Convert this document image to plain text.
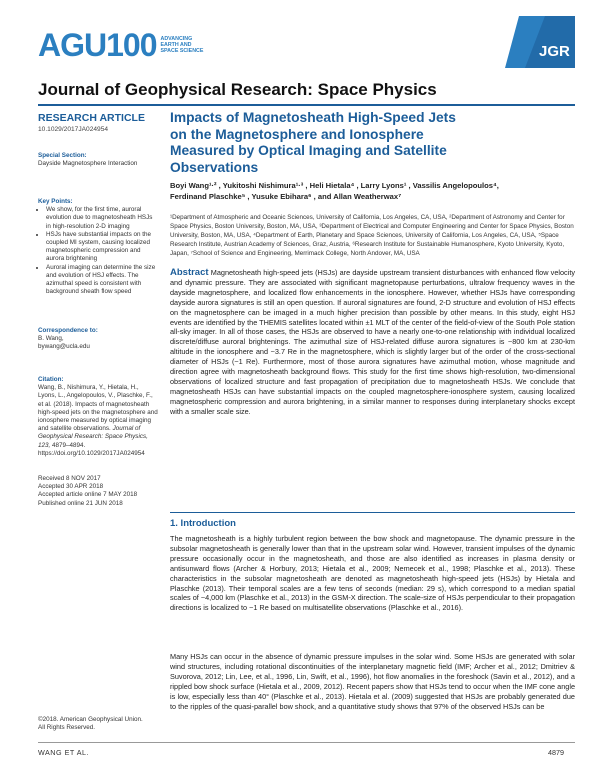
AGU 100 ADVANCING EARTH AND SPACE SCIENCE	JGR
Journal of Geophysical Research: Space Physics
RESEARCH ARTICLE
10.1029/2017JA024954
Special Section:
Dayside Magnetosphere Interaction
Key Points:
• We show, for the first time, auroral evolution due to magnetosheath HSJs in high-resolution 2-D imaging
• HSJs have substantial impacts on the coupled MI system, causing localized magnetospheric compression and aurora brightening
• Auroral imaging can determine the size and evolution of HSJ effects. The azimuthal speed is consistent with background sheath flow speed
Correspondence to:
B. Wang,
bywang@ucla.edu
Citation:
Wang, B., Nishimura, Y., Hietala, H., Lyons, L., Angelopoulos, V., Plaschke, F., et al. (2018). Impacts of magnetosheath high-speed jets on the magnetosphere and ionosphere measured by optical imaging and satellite observations. Journal of Geophysical Research: Space Physics, 123, 4879–4894. https://doi.org/10.1029/2017JA024954
Received 8 NOV 2017
Accepted 30 APR 2018
Accepted article online 7 MAY 2018
Published online 21 JUN 2018
©2018. American Geophysical Union.
All Rights Reserved.
Impacts of Magnetosheath High-Speed Jets on the Magnetosphere and Ionosphere Measured by Optical Imaging and Satellite Observations
Boyi Wang¹·² , Yukitoshi Nishimura¹·³ , Heli Hietala⁴ , Larry Lyons¹ , Vassilis Angelopoulos⁴,
Ferdinand Plaschke⁵ , Yusuke Ebihara⁶ , and Allan Weatherwax⁷
¹Department of Atmospheric and Oceanic Sciences, University of California, Los Angeles, CA, USA, ²Department of Astronomy and Center for Space Physics, Boston University, Boston, MA, USA, ³Department of Electrical and Computer Engineering and Center for Space Physics, Boston University, Boston, MA, USA, ⁴Department of Earth, Planetary and Space Sciences, University of California, Los Angeles, CA, USA, ⁵Space Research Institute, Austrian Academy of Sciences, Graz, Austria, ⁶Research Institute for Sustainable Humanosphere, Kyoto University, Kyoto, Japan, ⁷School of Science and Engineering, Merrimack College, North Andover, MA, USA
Abstract Magnetosheath high-speed jets (HSJs) are dayside upstream transient disturbances with enhanced flow velocity and dynamic pressure. They are associated with significant magnetopause perturbations, ultralow frequency waves in the dayside magnetosphere, and localized flow enhancements in the ionosphere. However, whether HSJs have corresponding dayside aurora signatures is still an open question. If auroral signatures are found, 2-D structure and evolution of HSJ effects on the magnetosphere can be imaged in a much higher precision than possible by other means. In this study, eight HSJ events are identified by the THEMIS satellites located within ±1 MLT of the center of the field-of-view of the South Pole station all-sky imager. In all of those cases, the HSJs are observed to have a nearly one-to-one relationship with individual localized discrete/diffuse auroral brightenings. The azimuthal size of HSJ-related diffuse aurora signatures is ~800 km at 230-km altitude in the ionosphere and ~3.7 Re in the magnetosphere, which is slightly larger but of the order of the cross-sectional diameter of HSJs (~1 Re). Furthermore, most of those aurora signatures have azimuthal motion, whose magnitude and direction agree with magnetosheath background flows. This study for the first time shows high-resolution, two-dimensional observations of localized structure and fast propagation of precipitation due to magnetosheath HSJs. We conclude that magnetosheath HSJs can have substantial impacts on the coupled magnetosphere-ionosphere system, causing localized magnetospheric compression and aurora brightening, in a similar manner to responses during interplanetary shocks except with a smaller scale size.
1. Introduction
The magnetosheath is a highly turbulent region between the bow shock and magnetopause. The dynamic pressure in the subsolar magnetosheath is generally lower than that in the upstream solar wind. However, transient impulses of the dynamic pressure occasionally occur in the magnetosheath, and those are also identified as increases in plasma density or antisunward flows (Archer & Horbury, 2013; Hietala et al., 2009; Nemecek et al., 1998; Plaschke et al., 2013). These characteristics in the subsolar magnetosheath are denoted as magnetosheath high-speed jets (HSJs) by Hietala and Plaschke (2013). Their temporal scales are a few tens of seconds (median: 29 s), which correspond to a median spatial scales of ~4,000 km (Plaschke et al., 2013) in the GSM-X direction. The scale-size of HSJs perpendicular to their propagation directions is localized to ~1 Re based on multisatellite observations (Plaschke et al., 2016).
Many HSJs can occur in the absence of dynamic pressure impulses in the solar wind. Some HSJs are generated with solar wind structures, including rotational discontinuities of the interplanetary magnetic field (IMF; Archer et al., 2012; Dmitriev & Suvorova, 2012; Lin, Lee, et al., 1996, Lin, Swift, et al., 1996), hot flow anomalies in the foreshock (Savin et al., 2012), and a rippled bow shock surface (Hietala et al., 2009, 2012). Recent papers show that HSJs tend to occur when the IMF cone angle is low, especially less than 40° (Plaschke et al., 2013). Hietala et al. (2009) suggested that HSJs are probably generated due to the ripples of the quasi-parallel bow shock, and a quantitative study shows that 97% of the observed HSJs can be
WANG ET AL.	4879
